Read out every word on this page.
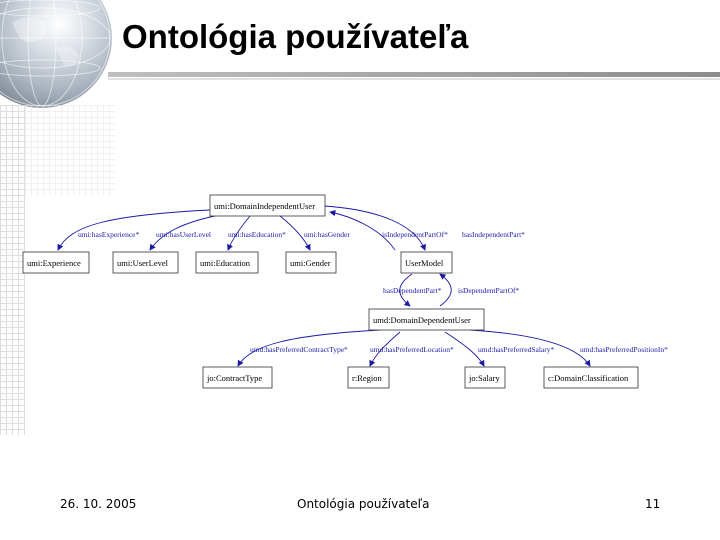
Ontológia používateľa
umi:hasExperience* umi:hasUserLevel umi:hasEducation* umi:hasGender	isIndependentPartOf* hasIndependentPart*
hasDependentPart* isDependentPartOf*
umd:hasPreferredContractType*	umd:hasPreferredLocation*	umd:hasPreferredSalary*	umd:hasPreferredPositionIn*
umi:DomainIndependentUser
umi:Experience	umi:UserLevel	umi:Education	umi:Gender	UserModel
umd:DomainDependentUser
jo:ContractType	r:Region	jo:Salary	c:DomainClassification
26. 10. 2005	Ontológia používateľa	11
